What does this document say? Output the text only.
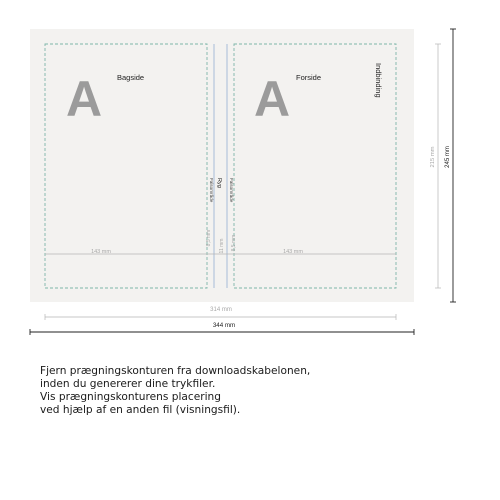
A	A
Bagside	Forside	Indbinding
Falsområde Ryg Falsområde
143 mm	143 mm
8,5 mm 11 mm 8,5 mm
215 mm 245 mm
314 mm
344 mm
Fjern prægningskonturen fra downloadskabelonen,
inden du genererer dine trykfiler.
Vis prægningskonturens placering
ved hjælp af en anden fil (visningsfil).
